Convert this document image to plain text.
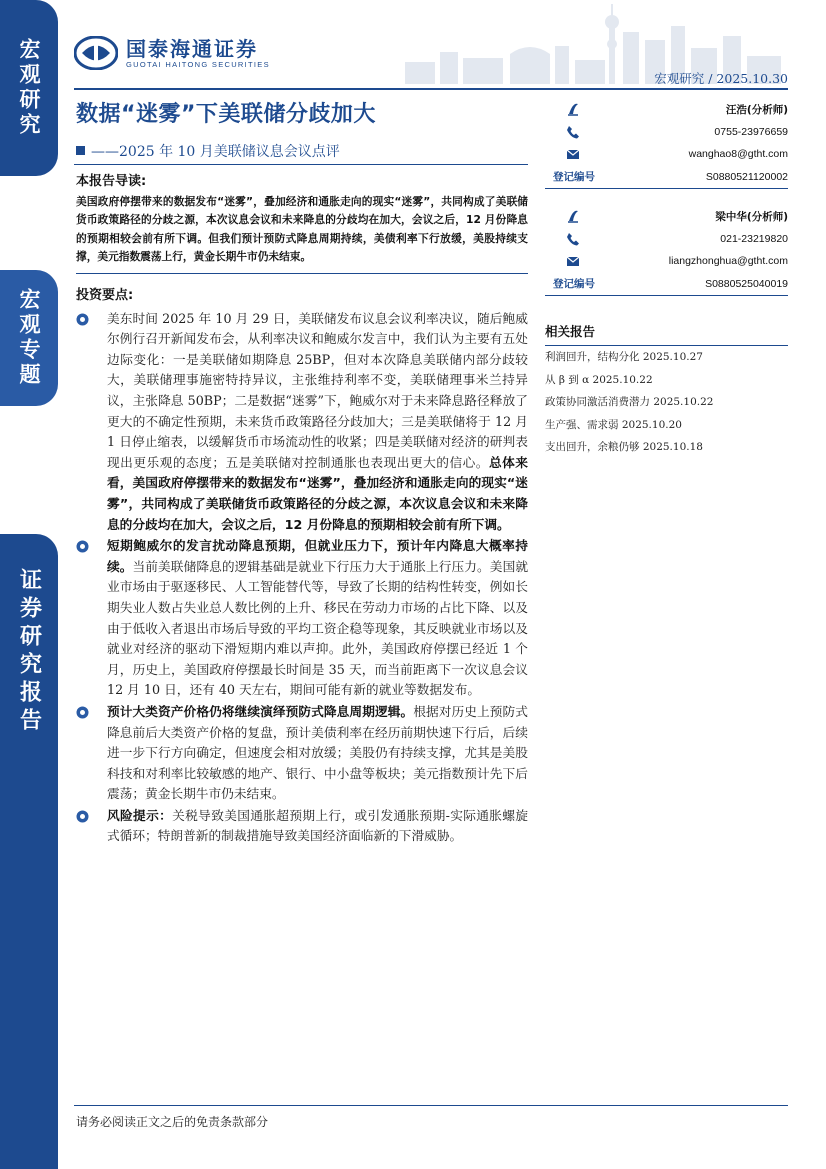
宏观研究
宏观专题
证券研究报告
国泰海通证券
GUOTAI HAITONG SECURITIES
宏观研究 / 2025.10.30
数据“迷雾”下美联储分歧加大
——2025 年 10 月美联储议息会议点评
本报告导读:
美国政府停摆带来的数据发布“迷雾”，叠加经济和通胀走向的现实“迷雾”，共同构成了美联储货币政策路径的分歧之源，本次议息会议和未来降息的分歧均在加大，会议之后，12 月份降息的预期相较会前有所下调。但我们预计预防式降息周期持续，美债利率下行放缓，美股持续支撑，美元指数震荡上行，黄金长期牛市仍未结束。
投资要点:
美东时间 2025 年 10 月 29 日，美联储发布议息会议利率决议，随后鲍威尔例行召开新闻发布会，从利率决议和鲍威尔发言中，我们认为主要有五处边际变化：一是美联储如期降息 25BP，但对本次降息美联储内部分歧较大，美联储理事施密特持异议，主张维持利率不变，美联储理事米兰持异议，主张降息 50BP；二是数据“迷雾”下，鲍威尔对于未来降息路径释放了更大的不确定性预期，未来货币政策路径分歧加大；三是美联储将于 12 月 1 日停止缩表，以缓解货币市场流动性的收紧；四是美联储对经济的研判表现出更乐观的态度；五是美联储对控制通胀也表现出更大的信心。总体来看，美国政府停摆带来的数据发布“迷雾”，叠加经济和通胀走向的现实“迷雾”，共同构成了美联储货币政策路径的分歧之源，本次议息会议和未来降息的分歧均在加大，会议之后，12 月份降息的预期相较会前有所下调。
短期鲍威尔的发言扰动降息预期，但就业压力下，预计年内降息大概率持续。当前美联储降息的逻辑基础是就业下行压力大于通胀上行压力。美国就业市场由于驱逐移民、人工智能替代等，导致了长期的结构性转变，例如长期失业人数占失业总人数比例的上升、移民在劳动力市场的占比下降、以及由于低收入者退出市场后导致的平均工资企稳等现象，其反映就业市场以及就业对经济的驱动下滑短期内难以声抑。此外，美国政府停摆已经近 1 个月，历史上，美国政府停摆最长时间是 35 天，而当前距离下一次议息会议 12 月 10 日，还有 40 天左右，期间可能有新的就业等数据发布。
预计大类资产价格仍将继续演绎预防式降息周期逻辑。根据对历史上预防式降息前后大类资产价格的复盘，预计美债利率在经历前期快速下行后，后续进一步下行方向确定，但速度会相对放缓；美股仍有持续支撑，尤其是美股科技和对利率比较敏感的地产、银行、中小盘等板块；美元指数预计先下后震荡；黄金长期牛市仍未结束。
风险提示：关税导致美国通胀超预期上行，或引发通胀预期-实际通胀螺旋式循环；特朗普新的制裁措施导致美国经济面临新的下滑威胁。
汪浩(分析师)
0755-23976659
wanghao8@gtht.com
登记编号	S0880521120002
梁中华(分析师)
021-23219820
liangzhonghua@gtht.com
登记编号	S0880525040019
相关报告
利润回升，结构分化 2025.10.27
从 β 到 α 2025.10.22
政策协同激活消费潜力 2025.10.22
生产强、需求弱 2025.10.20
支出回升，余粮仍够 2025.10.18
请务必阅读正文之后的免责条款部分
